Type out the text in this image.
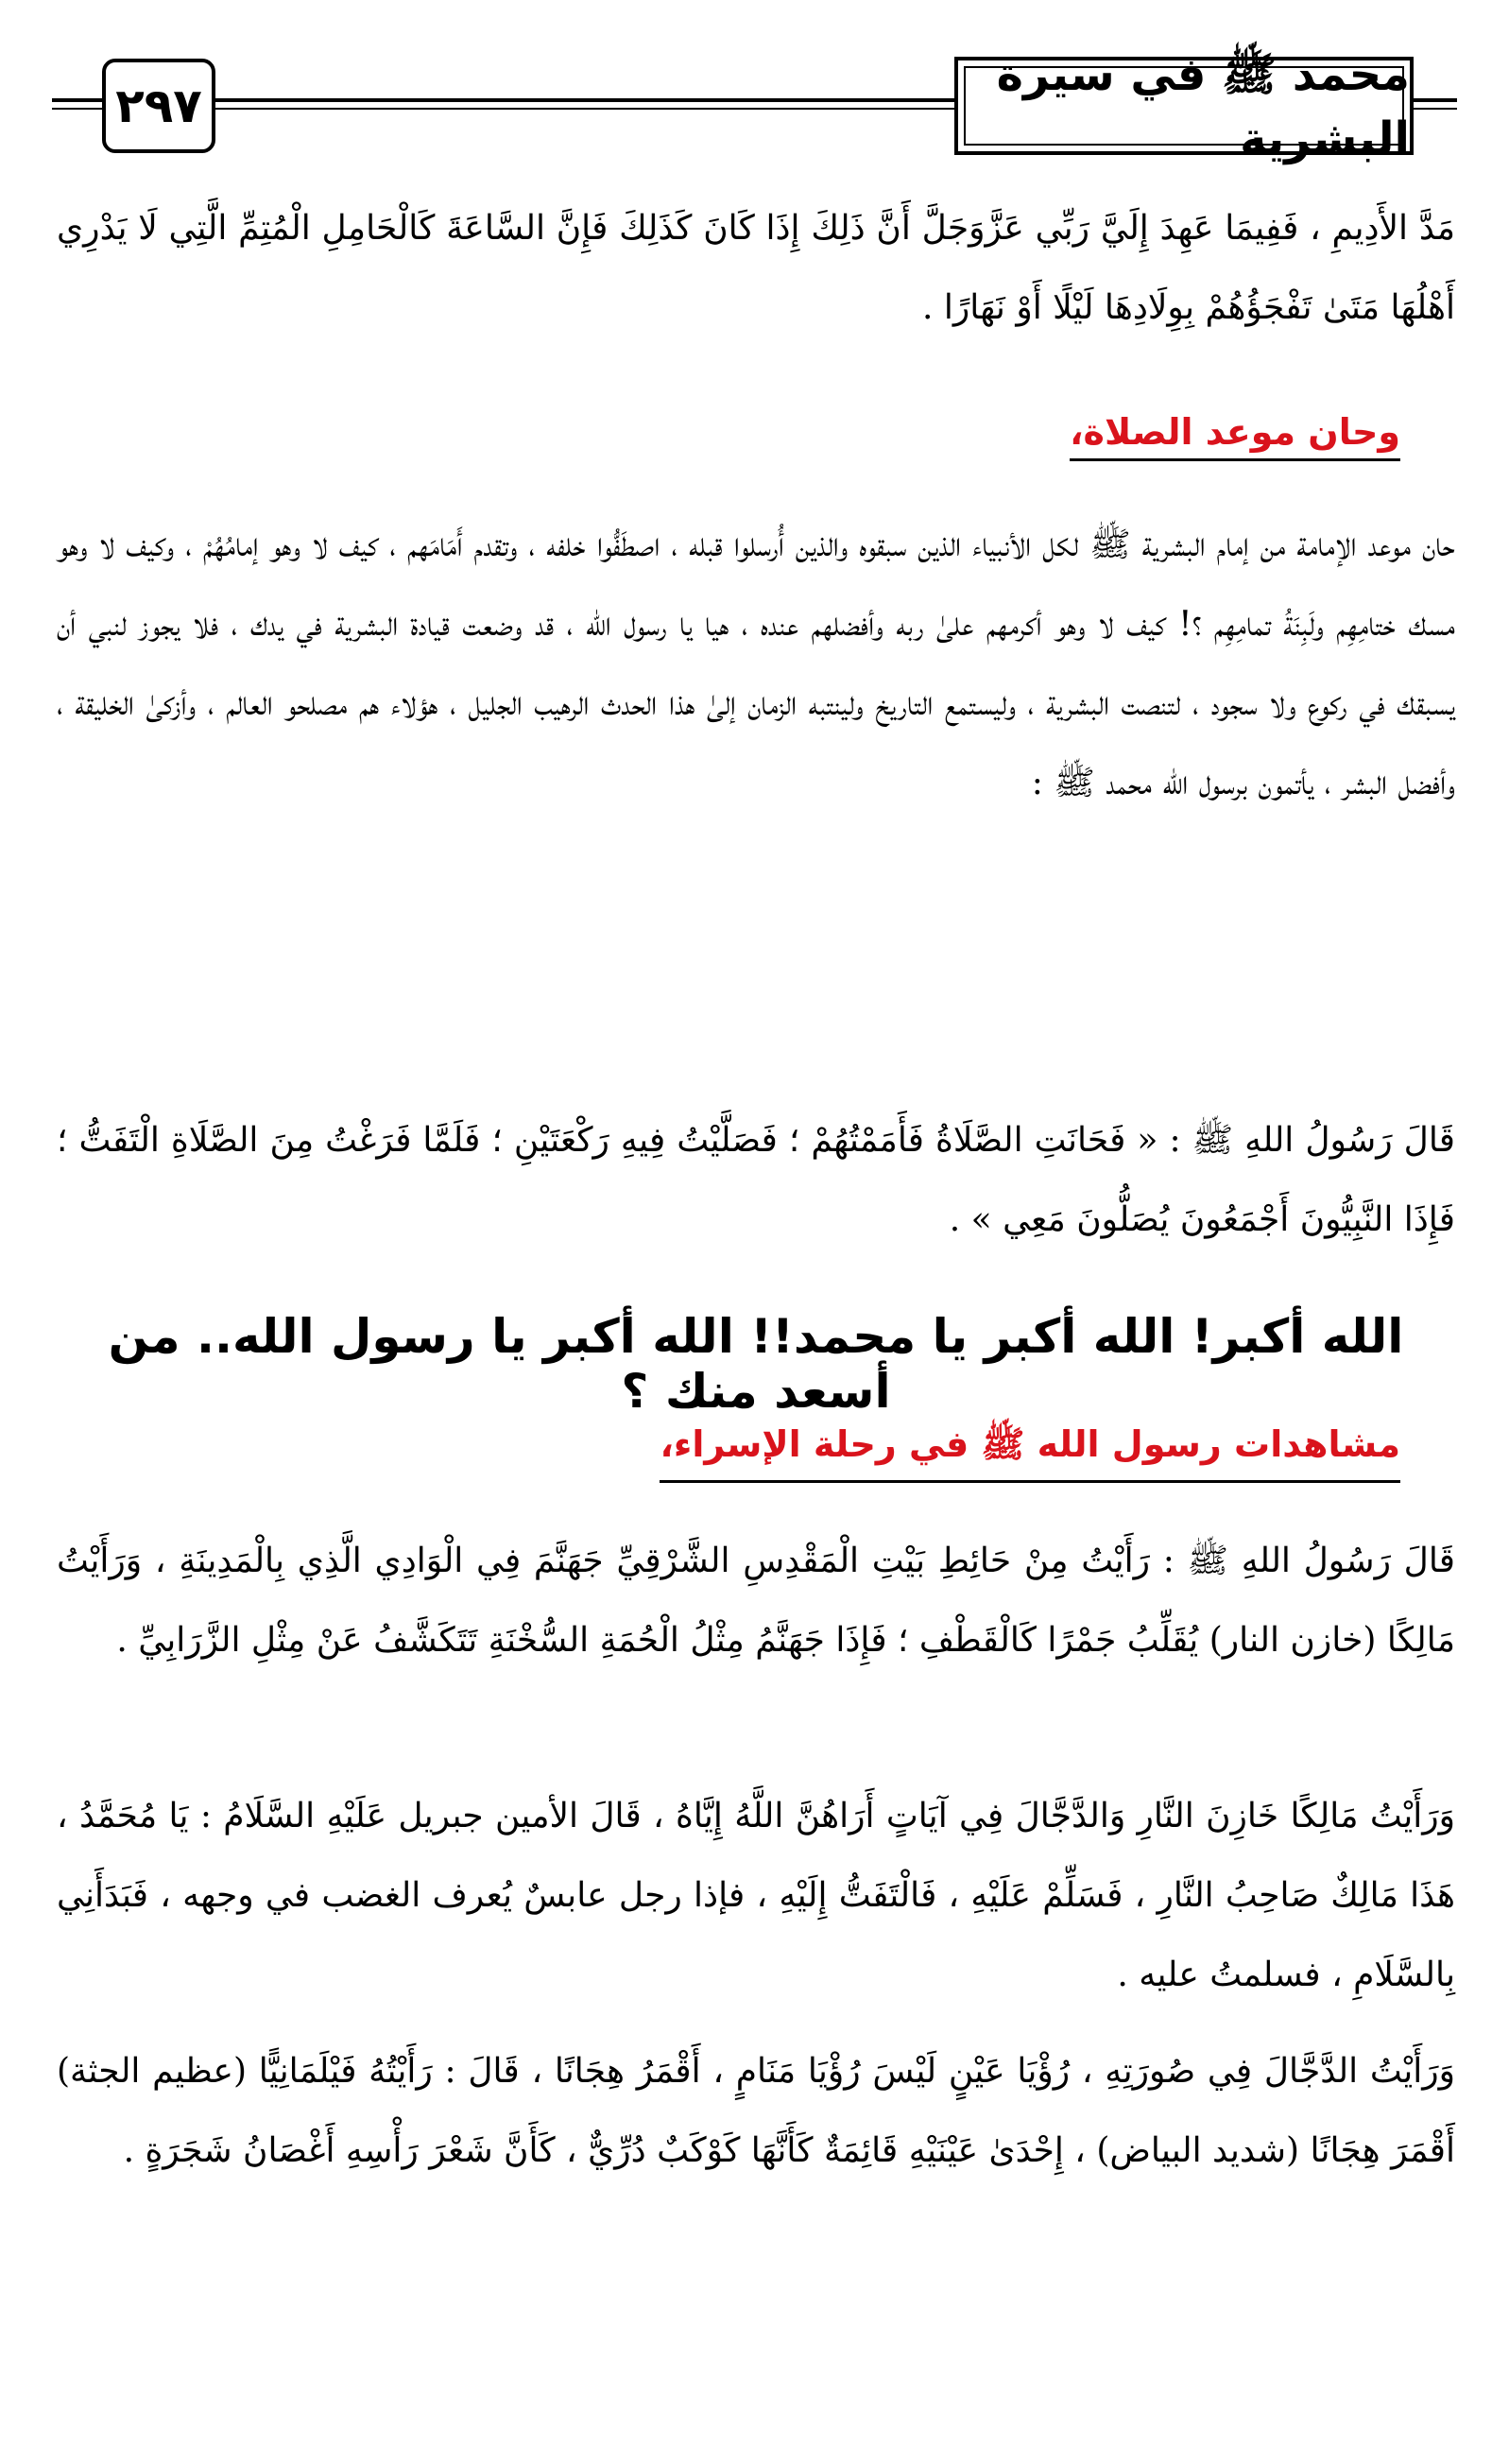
٢٩٧
محمد ﷺ في سيرة البشرية

مَدَّ الأَدِيمِ ، فَفِيمَا عَهِدَ إِلَيَّ رَبِّي عَزَّوَجَلَّ أَنَّ ذَلِكَ إِذَا كَانَ كَذَلِكَ فَإِنَّ السَّاعَةَ كَالْحَامِلِ الْمُتِمِّ الَّتِي لَا يَدْرِي أَهْلُهَا مَتَىٰ تَفْجَؤُهُمْ بِوِلَادِهَا لَيْلًا أَوْ نَهَارًا .

وحان موعد الصلاة،

حان موعد الإمامة من إمام البشرية ﷺ لكل الأنبياء الذين سبقوه والذين أُرسلوا قبله ، اصطَفُّوا خلفه ، وتقدم أَمَامَهم ، كيف لا وهو إمامُهُمْ ، وكيف لا وهو مسك ختامِهِم ولَبِنَةُ تمامِهِم ؟! كيف لا وهو أكرمهم علىٰ ربه وأفضلهم عنده ، هيا يا رسول الله ، قد وضعت قيادة البشرية في يدك ، فلا يجوز لنبي أن يسبقك في ركوع ولا سجود ، لتنصت البشرية ، وليستمع التاريخ ولينتبه الزمان إلىٰ هذا الحدث الرهيب الجليل ، هؤلاء هم مصلحو العالم ، وأزكىٰ الخليقة ، وأفضل البشر ، يأتمون برسول الله محمد ﷺ :

قَالَ رَسُولُ اللهِ ﷺ : « فَحَانَتِ الصَّلَاةُ فَأَمَمْتُهُمْ ؛ فَصَلَّيْتُ فِيهِ رَكْعَتَيْنِ ؛ فَلَمَّا فَرَغْتُ مِنَ الصَّلَاةِ الْتَفَتُّ ؛ فَإِذَا النَّبِيُّونَ أَجْمَعُونَ يُصَلُّونَ مَعِي » .

الله أكبر! الله أكبر يا محمد!! الله أكبر يا رسول الله.. من أسعد منك ؟
مشاهدات رسول الله ﷺ في رحلة الإسراء،

قَالَ رَسُولُ اللهِ ﷺ : رَأَيْتُ مِنْ حَائِطِ بَيْتِ الْمَقْدِسِ الشَّرْقِيِّ جَهَنَّمَ فِي الْوَادِي الَّذِي بِالْمَدِينَةِ ، وَرَأَيْتُ مَالِكًا (خازن النار) يُقَلِّبُ جَمْرًا كَالْقَطْفِ ؛ فَإِذَا جَهَنَّمُ مِثْلُ الْحُمَةِ السُّخْنَةِ تَتَكَشَّفُ عَنْ مِثْلِ الزَّرَابِيِّ .

وَرَأَيْتُ مَالِكًا خَازِنَ النَّارِ وَالدَّجَّالَ فِي آيَاتٍ أَرَاهُنَّ اللَّهُ إِيَّاهُ ، قَالَ الأمين جبريل عَلَيْهِ السَّلَامُ : يَا مُحَمَّدُ ، هَذَا مَالِكٌ صَاحِبُ النَّارِ ، فَسَلِّمْ عَلَيْهِ ، فَالْتَفَتُّ إِلَيْهِ ، فإذا رجل عابسٌ يُعرف الغضب في وجهه ، فَبَدَأَنِي بِالسَّلَامِ ، فسلمتُ عليه .

وَرَأَيْتُ الدَّجَّالَ فِي صُورَتِهِ ، رُؤْيَا عَيْنٍ لَيْسَ رُؤْيَا مَنَامٍ ، أَقْمَرُ هِجَانًا ، قَالَ : رَأَيْتُهُ فَيْلَمَانِيًّا (عظيم الجثة) أَقْمَرَ هِجَانًا (شديد البياض) ، إِحْدَىٰ عَيْنَيْهِ قَائِمَةٌ كَأَنَّهَا كَوْكَبٌ دُرِّيٌّ ، كَأَنَّ شَعْرَ رَأْسِهِ أَغْصَانُ شَجَرَةٍ .
